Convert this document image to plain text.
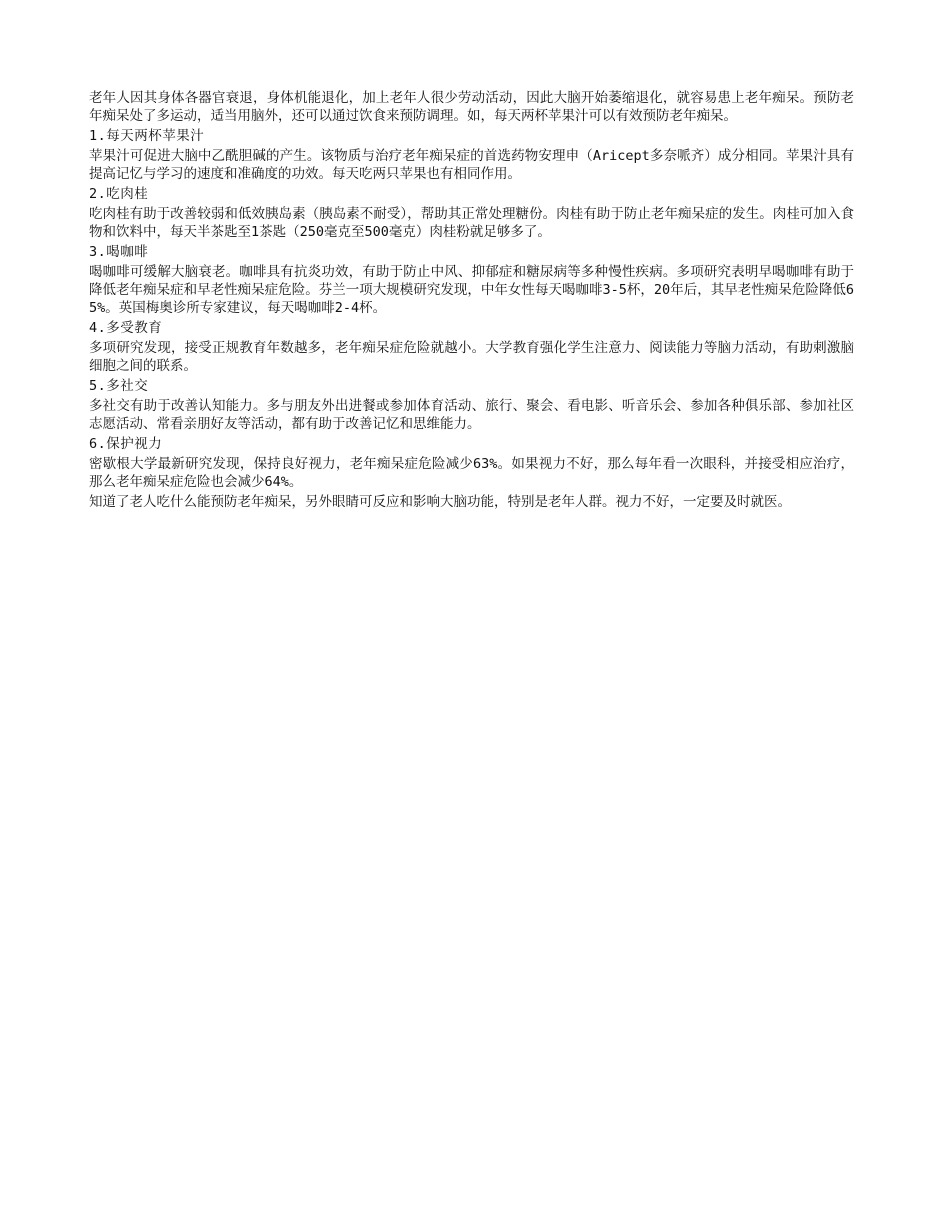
老年人因其身体各器官衰退，身体机能退化，加上老年人很少劳动活动，因此大脑开始萎缩退化，就容易患上老年痴呆。预防老年痴呆处了多运动，适当用脑外，还可以通过饮食来预防调理。如，每天两杯苹果汁可以有效预防老年痴呆。

1.每天两杯苹果汁

苹果汁可促进大脑中乙酰胆碱的产生。该物质与治疗老年痴呆症的首选药物安理申（Aricept多奈哌齐）成分相同。苹果汁具有提高记忆与学习的速度和准确度的功效。每天吃两只苹果也有相同作用。

2.吃肉桂

吃肉桂有助于改善较弱和低效胰岛素（胰岛素不耐受），帮助其正常处理糖份。肉桂有助于防止老年痴呆症的发生。肉桂可加入食物和饮料中，每天半茶匙至1茶匙（250毫克至500毫克）肉桂粉就足够多了。

3.喝咖啡

喝咖啡可缓解大脑衰老。咖啡具有抗炎功效，有助于防止中风、抑郁症和糖尿病等多种慢性疾病。多项研究表明早喝咖啡有助于降低老年痴呆症和早老性痴呆症危险。芬兰一项大规模研究发现，中年女性每天喝咖啡3-5杯，20年后，其早老性痴呆危险降低65%。英国梅奥诊所专家建议，每天喝咖啡2-4杯。

4.多受教育

多项研究发现，接受正规教育年数越多，老年痴呆症危险就越小。大学教育强化学生注意力、阅读能力等脑力活动，有助刺激脑细胞之间的联系。

5.多社交

多社交有助于改善认知能力。多与朋友外出进餐或参加体育活动、旅行、聚会、看电影、听音乐会、参加各种俱乐部、参加社区志愿活动、常看亲朋好友等活动，都有助于改善记忆和思维能力。

6.保护视力

密歇根大学最新研究发现，保持良好视力，老年痴呆症危险减少63%。如果视力不好，那么每年看一次眼科，并接受相应治疗，那么老年痴呆症危险也会减少64%。

知道了老人吃什么能预防老年痴呆，另外眼睛可反应和影响大脑功能，特别是老年人群。视力不好，一定要及时就医。
